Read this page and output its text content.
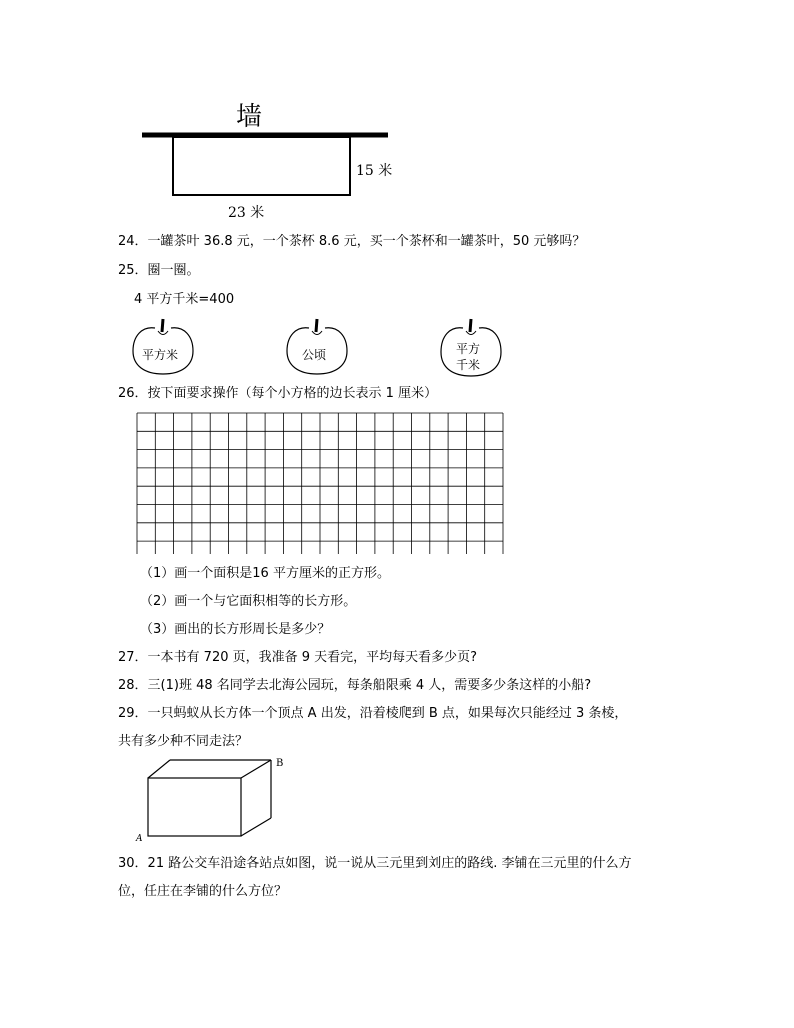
墙
15 米
23 米
24．一罐茶叶 36.8 元，一个茶杯 8.6 元，买一个茶杯和一罐茶叶，50 元够吗？
25．圈一圈。
4 平方千米=400
平方米	公顷	平方
千米
26．按下面要求操作（每个小方格的边长表示 1 厘米）
（1）画一个面积是16 平方厘米的正方形。
（2）画一个与它面积相等的长方形。
（3）画出的长方形周长是多少？
27．一本书有 720 页，我准备 9 天看完，平均每天看多少页?
28．三(1)班 48 名同学去北海公园玩，每条船限乘 4 人，需要多少条这样的小船?
29．一只蚂蚁从长方体一个顶点 A 出发，沿着棱爬到 B 点，如果每次只能经过 3 条棱，
共有多少种不同走法？
B
A
30．21 路公交车沿途各站点如图，说一说从三元里到刘庄的路线. 李铺在三元里的什么方
位，任庄在李铺的什么方位？
